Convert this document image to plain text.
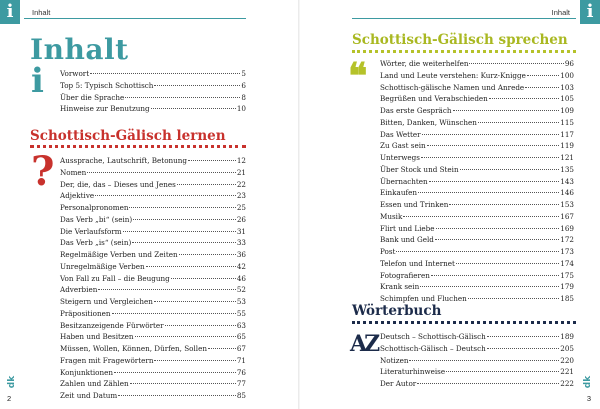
i	Inhalt
Inhalt
i Vorwort	5
Top 5: Typisch Schottisch	6
Über die Sprache	8
Hinweise zur Benutzung	10
Schottisch-Gälisch lernen
? Aussprache, Lautschrift, Betonung	12
Nomen	21
Der, die, das – Dieses und Jenes	22
Adjektive	23
Personalpronomen	25
Das Verb „bi“ (sein)	26
Die Verlaufsform	31
Das Verb „is“ (sein)	33
Regelmäßige Verben und Zeiten	36
Unregelmäßige Verben	42
Von Fall zu Fall – die Beugung	46
Adverbien	52
Steigern und Vergleichen	53
Präpositionen	55
Besitzanzeigende Fürwörter	63
Haben und Besitzen	65
Müssen, Wollen, Können, Dürfen, Sollen	67
Fragen mit Fragewörtern	71
Konjunktionen	76
Zahlen und Zählen	77
Zeit und Datum	85
dk
2
i
Inhalt
Schottisch-Gälisch sprechen
❝ Wörter, die weiterhelfen	96
Land und Leute verstehen: Kurz-Knigge	100
Schottisch-gälische Namen und Anrede	103
Begrüßen und Verabschieden	105
Das erste Gespräch	109
Bitten, Danken, Wünschen	115
Das Wetter	117
Zu Gast sein	119
Unterwegs	121
Über Stock und Stein	135
Übernachten	143
Einkaufen	146
Essen und Trinken	153
Musik	167
Flirt und Liebe	169
Bank und Geld	172
Post	173
Telefon und Internet	174
Fotografieren	175
Krank sein	179
Schimpfen und Fluchen	185
Wörterbuch
AZ Deutsch – Schottisch-Gälisch	189
Schottisch-Gälisch – Deutsch	205
Notizen	220
Literaturhinweise	221
Der Autor	222 dk
3
